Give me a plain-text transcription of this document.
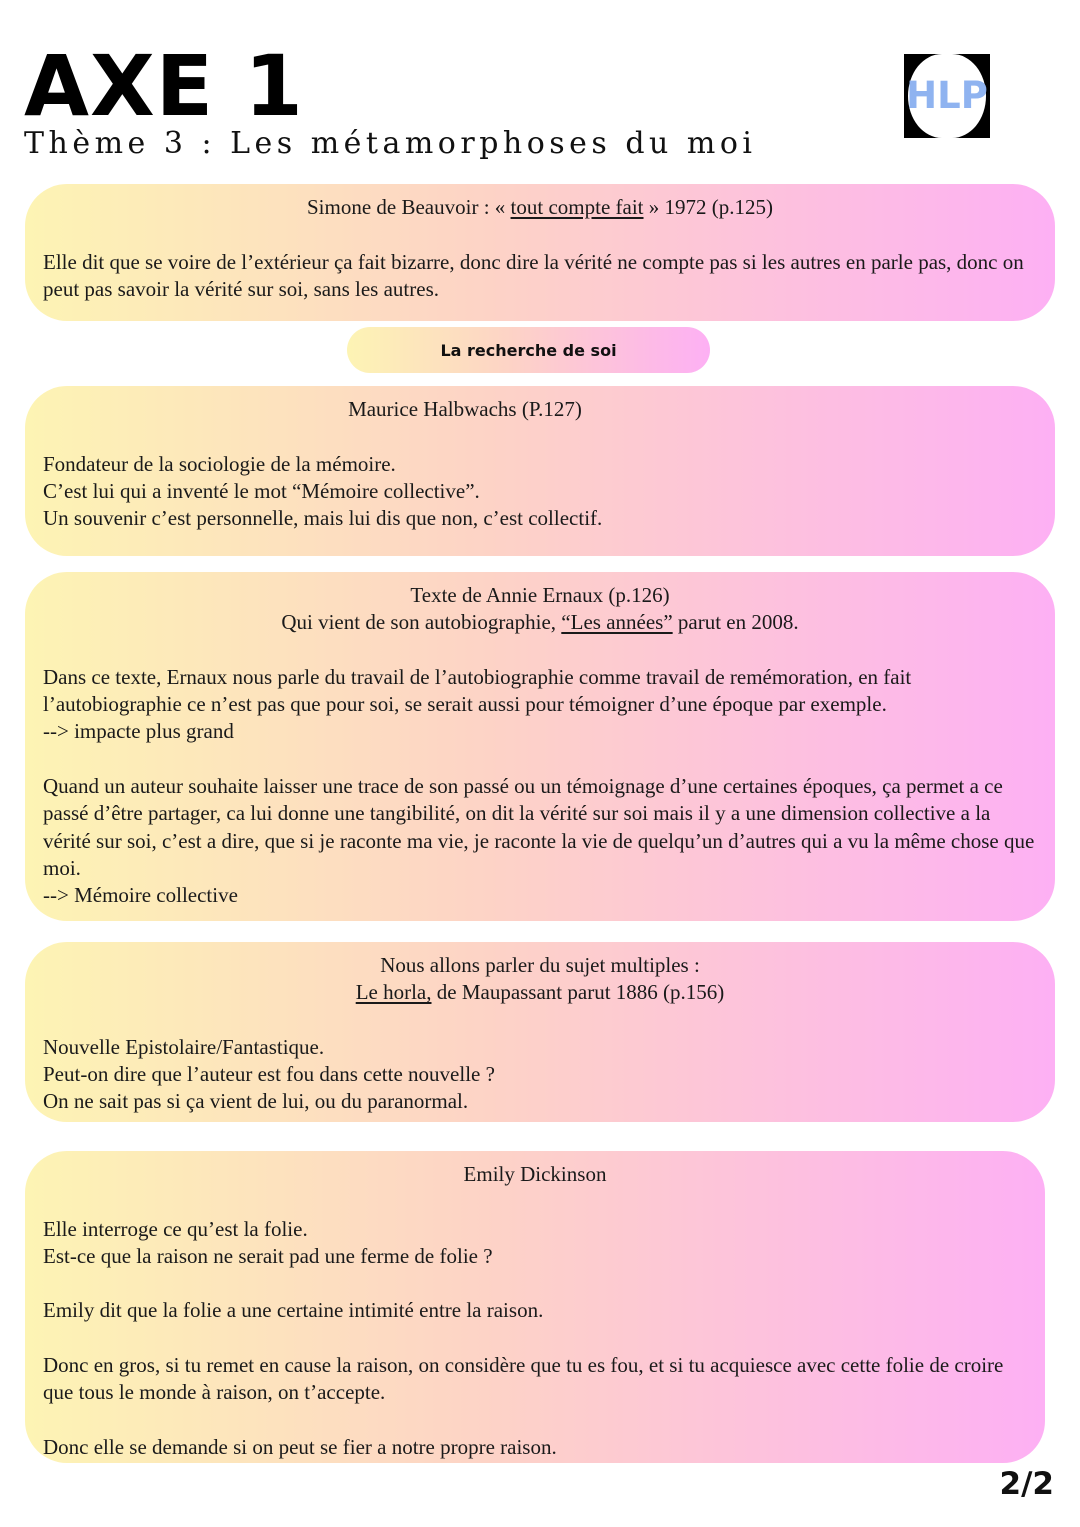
AXE 1
Thème 3 : Les métamorphoses du moi
HLP
Simone de Beauvoir : « tout compte fait » 1972 (p.125)

Elle dit que se voire de l’extérieur ça fait bizarre, donc dire la vérité ne compte pas si les autres en parle pas, donc on peut pas savoir la vérité sur soi, sans les autres.

La recherche de soi
Maurice Halbwachs (P.127)

Fondateur de la sociologie de la mémoire.

C’est lui qui a inventé le mot “Mémoire collective”.

Un souvenir c’est personnelle, mais lui dis que non, c’est collectif.

Texte de Annie Ernaux (p.126)
Qui vient de son autobiographie, “Les années” parut en 2008.

Dans ce texte, Ernaux nous parle du travail de l’autobiographie comme travail de remémoration, en fait l’autobiographie ce n’est pas que pour soi, se serait aussi pour témoigner d’une époque par exemple.

--> impacte plus grand

Quand un auteur souhaite laisser une trace de son passé ou un témoignage d’une certaines époques, ça permet a ce passé d’être partager, ca lui donne une tangibilité, on dit la vérité sur soi mais il y a une dimension collective a la vérité sur soi, c’est a dire, que si je raconte ma vie, je raconte la vie de quelqu’un d’autres qui a vu la même chose que moi.

--> Mémoire collective

Nous allons parler du sujet multiples :
Le horla, de Maupassant parut 1886 (p.156)

Nouvelle Epistolaire/Fantastique.

Peut-on dire que l’auteur est fou dans cette nouvelle ?

On ne sait pas si ça vient de lui, ou du paranormal.

Emily Dickinson

Elle interroge ce qu’est la folie.

Est-ce que la raison ne serait pad une ferme de folie ?

Emily dit que la folie a une certaine intimité entre la raison.

Donc en gros, si tu remet en cause la raison, on considère que tu es fou, et si tu acquiesce avec cette folie de croire que tous le monde à raison, on t’accepte.

Donc elle se demande si on peut se fier a notre propre raison.

2/2
